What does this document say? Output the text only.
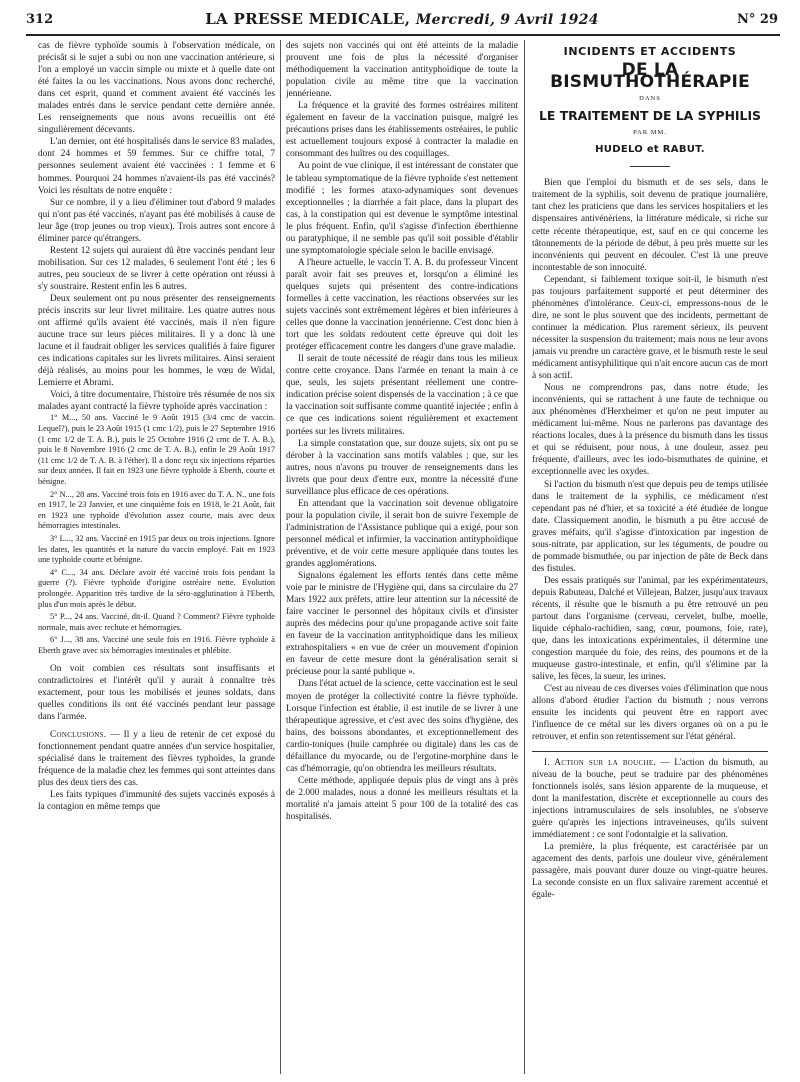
312	LA PRESSE MEDICALE, Mercredi, 9 Avril 1924	N° 29

cas de fièvre typhoïde soumis à l'observation médicale, on précisât si le sujet a subi ou non une vaccination antérieure, si l'on a employé un vaccin simple ou mixte et à quelle date ont été faites la ou les vaccinations. Nous avons donc recherché, dans cet esprit, quand et comment avaient été vaccinés les malades entrés dans le service pendant cette dernière année. Les renseignements que nous avons recueillis ont été singulièrement décevants.

L'an dernier, ont été hospitalisés dans le service 83 malades, dont 24 hommes et 59 femmes. Sur ce chiffre total, 7 personnes seulement avaient été vaccinées : 1 femme et 6 hommes. Pourquoi 24 hommes n'avaient-ils pas été vaccinés? Voici les résultats de notre enquête :

Sur ce nombre, il y a lieu d'éliminer tout d'abord 9 malades qui n'ont pas été vaccinés, n'ayant pas été mobilisés à cause de leur âge (trop jeunes ou trop vieux). Trois autres sont encore à éliminer parce qu'étrangers.

Restent 12 sujets qui auraient dû être vaccinés pendant leur mobilisation. Sur ces 12 malades, 6 seulement l'ont été ; les 6 autres, peu soucieux de se livrer à cette opération ont réussi à s'y soustraire. Restent enfin les 6 autres.

Deux seulement ont pu nous présenter des renseignements précis inscrits sur leur livret militaire. Les quatre autres nous ont affirmé qu'ils avaient été vaccinés, mais il n'en figure aucune trace sur leurs pièces militaires. Il y a donc là une lacune et il faudrait obliger les services qualifiés à faire figurer ces indications capitales sur les livrets militaires. Ainsi seraient déjà réalisés, au moins pour les hommes, le vœu de Widal, Lemierre et Abrami.

Voici, à titre documentaire, l'histoire très résumée de nos six malades ayant contracté la fièvre typhoïde après vaccination :

1° M..., 50 ans. Vacciné le 9 Août 1915 (3/4 cmc de vaccin. Lequel?), puis le 23 Août 1915 (1 cmc 1/2), puis le 27 Septembre 1916 (1 cmc 1/2 de T. A. B.), puis le 25 Octobre 1916 (2 cmc de T. A. B.), puis le 8 Novembre 1916 (2 cmc de T. A. B.), enfin le 29 Août 1917 (11 cmc 1/2 de T. A. B. à l'éther). Il a donc reçu six injections réparties sur deux années. Il fait en 1923 une fièvre typhoïde à Eberth, courte et bénigne.

2° N..., 28 ans. Vacciné trois fois en 1916 avec du T. A. N., une fois en 1917, le 23 Janvier, et une cinquième fois en 1918, le 21 Août, fait en 1923 une typhoïde d'évolution assez courte, mais avec deux hémorragies intestinales.

3° L..., 32 ans. Vacciné en 1915 par deux ou trois injections. Ignore les dates, les quantités et la nature du vaccin employé. Fait en 1923 une typhoïde courte et bénigne.

4° C..., 34 ans. Déclare avoir été vacciné trois fois pendant la guerre (?). Fièvre typhoïde d'origine ostréaire nette. Evolution prolongée. Apparition très tardive de la séro-agglutination à l'Eberth, plus d'un mois après le début.

5° P..., 24 ans. Vacciné, dit-il. Quand ? Comment? Fièvre typhoïde normale, mais avec rechute et hémorragies.

6° J..., 38 ans. Vacciné une seule fois en 1916. Fièvre typhoïde à Eberth grave avec six hémorragies intestinales et phlébite.

On voit combien ces résultats sont insuffisants et contradictoires et l'intérêt qu'il y aurait à connaître très exactement, pour tous les mobilisés et jeunes soldats, dans quelles conditions ils ont été vaccinés pendant leur passage dans l'armée.

Conclusions. — Il y a lieu de retenir de cet exposé du fonctionnement pendant quatre années d'un service hospitalier, spécialisé dans le traitement des fièvres typhoïdes, la grande fréquence de la maladie chez les femmes qui sont atteintes dans plus des deux tiers des cas.

Les faits typiques d'immunité des sujets vaccinés exposés à la contagion en même temps que

des sujets non vaccinés qui ont été atteints de la maladie prouvent une fois de plus la nécessité d'organiser méthodiquement la vaccination antityphoïdique de toute la population civile au même titre que la vaccination jennérienne.

La fréquence et la gravité des formes ostréaires militent également en faveur de la vaccination puisque, malgré les précautions prises dans les établissements ostréaires, le public est actuellement toujours exposé à contracter la maladie en consommant des huîtres ou des coquillages.

Au point de vue clinique, il est intéressant de constater que le tableau symptomatique de la fièvre typhoïde s'est nettement modifié ; les formes ataxo-adynamiques sont devenues exceptionnelles ; la diarrhée a fait place, dans la plupart des cas, à la constipation qui est devenue le symptôme intestinal le plus fréquent. Enfin, qu'il s'agisse d'infection éberthienne ou paratyphique, il ne semble pas qu'il soit possible d'établir une symptomatologie spéciale selon le bacille envisagé.

A l'heure actuelle, le vaccin T. A. B. du professeur Vincent paraît avoir fait ses preuves et, lorsqu'on a éliminé les quelques sujets qui présentent des contre-indications formelles à cette vaccination, les réactions observées sur les sujets vaccinés sont extrêmement légères et bien inférieures à celles que donne la vaccination jennérienne. C'est donc bien à tort que les soldats redoutent cette épreuve qui doit les protéger efficacement contre les dangers d'une grave maladie.

Il serait de toute nécessité de réagir dans tous les milieux contre cette croyance. Dans l'armée en tenant la main à ce que, seuls, les sujets présentant réellement une contre-indication précise soient dispensés de la vaccination ; à ce que la vaccination soit suffisante comme quantité injectée ; enfin à ce que ces indications soient régulièrement et exactement portées sur les livrets militaires.

La simple constatation que, sur douze sujets, six ont pu se dérober à la vaccination sans motifs valables ; que, sur les autres, nous n'avons pu trouver de renseignements dans les livrets que pour deux d'entre eux, montre la nécessité d'une surveillance plus efficace de ces opérations.

En attendant que la vaccination soit devenue obligatoire pour la population civile, il serait bon de suivre l'exemple de l'administration de l'Assistance publique qui a exigé, pour son personnel médical et infirmier, la vaccination antityphoïdique préventive, et de voir cette mesure appliquée dans toutes les grandes agglomérations.

Signalons également les efforts tentés dans cette même voie par le ministre de l'Hygiène qui, dans sa circulaire du 27 Mars 1922 aux préfets, attire leur attention sur la nécessité de faire vacciner le personnel des hôpitaux civils et d'insister auprès des médecins pour qu'une propagande active soit faite en faveur de la vaccination antityphoïdique dans les milieux extrahospitaliers « en vue de créer un mouvement d'opinion en faveur de cette mesure dont la généralisation serait si précieuse pour la santé publique ».

Dans l'état actuel de la science, cette vaccination est le seul moyen de protéger la collectivité contre la fièvre typhoïde. Lorsque l'infection est établie, il est inutile de se livrer à une thérapeutique agressive, et c'est avec des soins d'hygiène, des bains, des boissons abondantes, et exceptionnellement des cardio-toniques (huile camphrée ou digitale) dans les cas de défaillance du myocarde, ou de l'ergotine-morphine dans le cas d'hémorragie, qu'on obtiendra les meilleurs résultats.

Cette méthode, appliquée depuis plus de vingt ans à près de 2.000 malades, nous a donné les meilleurs résultats et la mortalité n'a jamais atteint 5 pour 100 de la totalité des cas hospitalisés.

INCIDENTS ET ACCIDENTS
DE LA BISMUTHOTHÉRAPIE
DANS
LE TRAITEMENT DE LA SYPHILIS
PAR MM.
HUDELO et RABUT.

Bien que l'emploi du bismuth et de ses sels, dans le traitement de la syphilis, soit devenu de pratique journalière, tant chez les praticiens que dans les services hospitaliers et les dispensaires antivénériens, la littérature médicale, si riche sur cette récente thérapeutique, est, sauf en ce qui concerne les tâtonnements de la période de début, à peu près muette sur les inconvénients qui peuvent en découler. C'est là une preuve incontestable de son innocuité.

Cependant, si faiblement toxique soit-il, le bismuth n'est pas toujours parfaitement supporté et peut déterminer des phénomènes d'intolérance. Ceux-ci, empressons-nous de le dire, ne sont le plus souvent que des incidents, permettant de continuer la médication. Plus rarement sérieux, ils peuvent nécessiter la suspension du traitement; mais nous ne leur avons jamais vu prendre un caractère grave, et le bismuth reste le seul médicament antisyphilitique qui n'ait encore aucun cas de mort à son actif.

Nous ne comprendrons pas, dans notre étude, les inconvénients, qui se rattachent à une faute de technique ou aux phénomènes d'Herxheimer et qu'on ne peut imputer au médicament lui-même. Nous ne parlerons pas davantage des réactions locales, dues à la présence du bismuth dans les tissus et qui se réduisent, pour nous, à une douleur, assez peu fréquente, d'ailleurs, avec les iodo-bismuthates de quinine, et exceptionnelle avec les oxydes.

Si l'action du bismuth n'est que depuis peu de temps utilisée dans le traitement de la syphilis, ce médicament n'est cependant pas né d'hier, et sa toxicité a été étudiée de longue date. Classiquement anodin, le bismuth a pu être accusé de graves méfaits, qu'il s'agisse d'intoxication par ingestion de sous-nitrate, par application, sur les téguments, de poudre ou de pommade bismuthée, ou par injection de pâte de Beck dans des fistules.

Des essais pratiqués sur l'animal, par les expérimentateurs, depuis Rabuteau, Dalché et Villejean, Balzer, jusqu'aux travaux récents, il résulte que le bismuth a pu être retrouvé un peu partout dans l'organisme (cerveau, cervelet, bulbe, moelle, liquide céphalo-rachidien, sang, cœur, poumons, foie, rate), que, dans les intoxications expérimentales, il détermine une congestion marquée du foie, des reins, des poumons et de la muqueuse gastro-intestinale, et enfin, qu'il s'élimine par la salive, les fèces, la sueur, les urines.

C'est au niveau de ces diverses voies d'élimination que nous allons d'abord étudier l'action du bismuth ; nous verrons ensuite les incidents qui peuvent être en rapport avec l'influence de ce métal sur les divers organes où on a pu le retrouver, et enfin son retentissement sur l'état général.

I. Action sur la bouche. — L'action du bismuth, au niveau de la bouche, peut se traduire par des phénomènes fonctionnels isolés, sans lésion apparente de la muqueuse, et dont la manifestation, discrète et exceptionnelle au cours des injections intramusculaires de sels insolubles, ne s'observe guère qu'après les injections intraveineuses, qu'ils suivent immédiatement : ce sont l'odontalgie et la salivation.

La première, la plus fréquente, est caractérisée par un agacement des dents, parfois une douleur vive, généralement passagère, mais pouvant durer douze ou vingt-quatre heures. La seconde consiste en un flux salivaire rarement accentué et égale-
